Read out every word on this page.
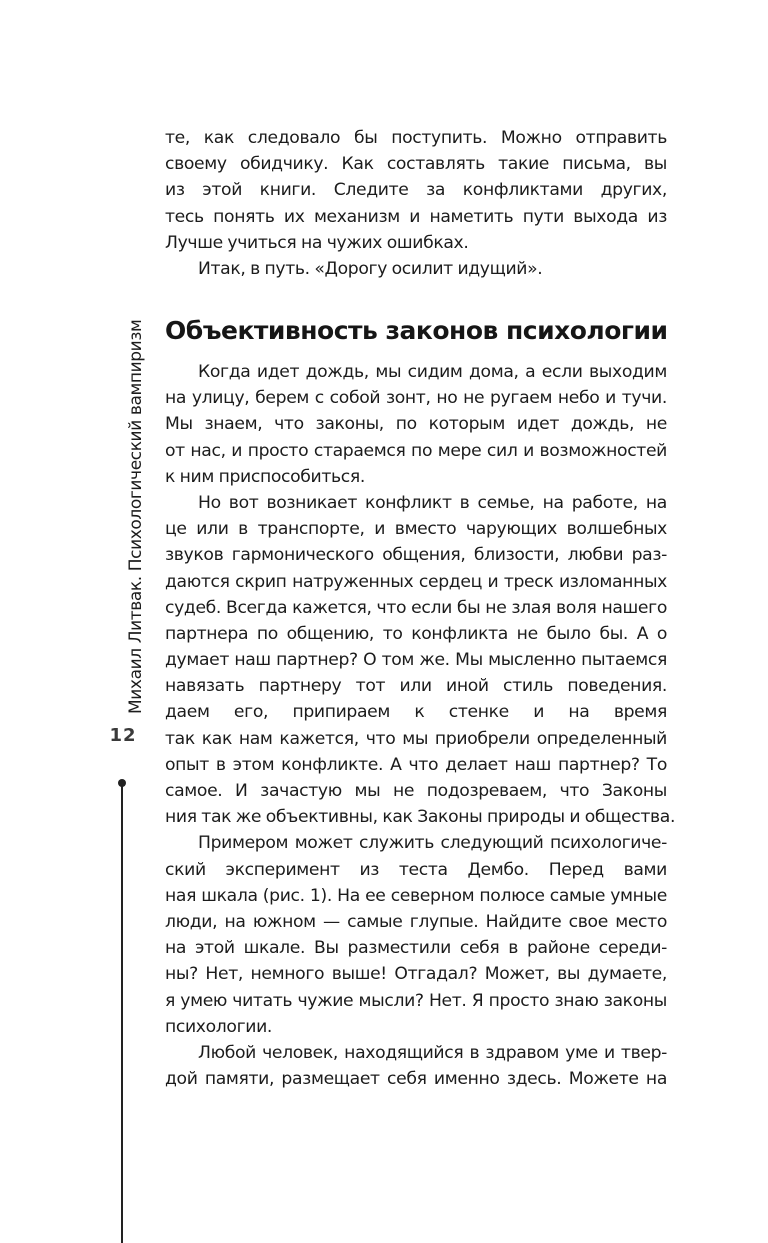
Михаил Литвак. Психологический вампиризм
12
те, как следовало бы поступить. Можно отправить
своему обидчику. Как составлять такие письма, вы
из этой книги. Следите за конфликтами других,
тесь понять их механизм и наметить пути выхода из
Лучше учиться на чужих ошибках.
Итак, в путь. «Дорогу осилит идущий».
Объективность законов психологии
Когда идет дождь, мы сидим дома, а если выходим
на улицу, берем с собой зонт, но не ругаем небо и тучи.
Мы знаем, что законы, по которым идет дождь, не
от нас, и просто стараемся по мере сил и возможностей
к ним приспособиться.
Но вот возникает конфликт в семье, на работе, на
це или в транспорте, и вместо чарующих волшебных
звуков гармонического общения, близости, любви раз-
даются скрип натруженных сердец и треск изломанных
судеб. Всегда кажется, что если бы не злая воля нашего
партнера по общению, то конфликта не было бы. А о
думает наш партнер? О том же. Мы мысленно пытаемся
навязать партнеру тот или иной стиль поведения.
даем его, припираем к стенке и на время
так как нам кажется, что мы приобрели определенный
опыт в этом конфликте. А что делает наш партнер? То
самое. И зачастую мы не подозреваем, что Законы
ния так же объективны, как Законы природы и общества.
Примером может служить следующий психологиче-
ский эксперимент из теста Дембо. Перед вами
ная шкала (рис. 1). На ее северном полюсе самые умные
люди, на южном — самые глупые. Найдите свое место
на этой шкале. Вы разместили себя в районе середи-
ны? Нет, немного выше! Отгадал? Может, вы думаете,
я умею читать чужие мысли? Нет. Я просто знаю законы
психологии.
Любой человек, находящийся в здравом уме и твер-
дой памяти, размещает себя именно здесь. Можете на
